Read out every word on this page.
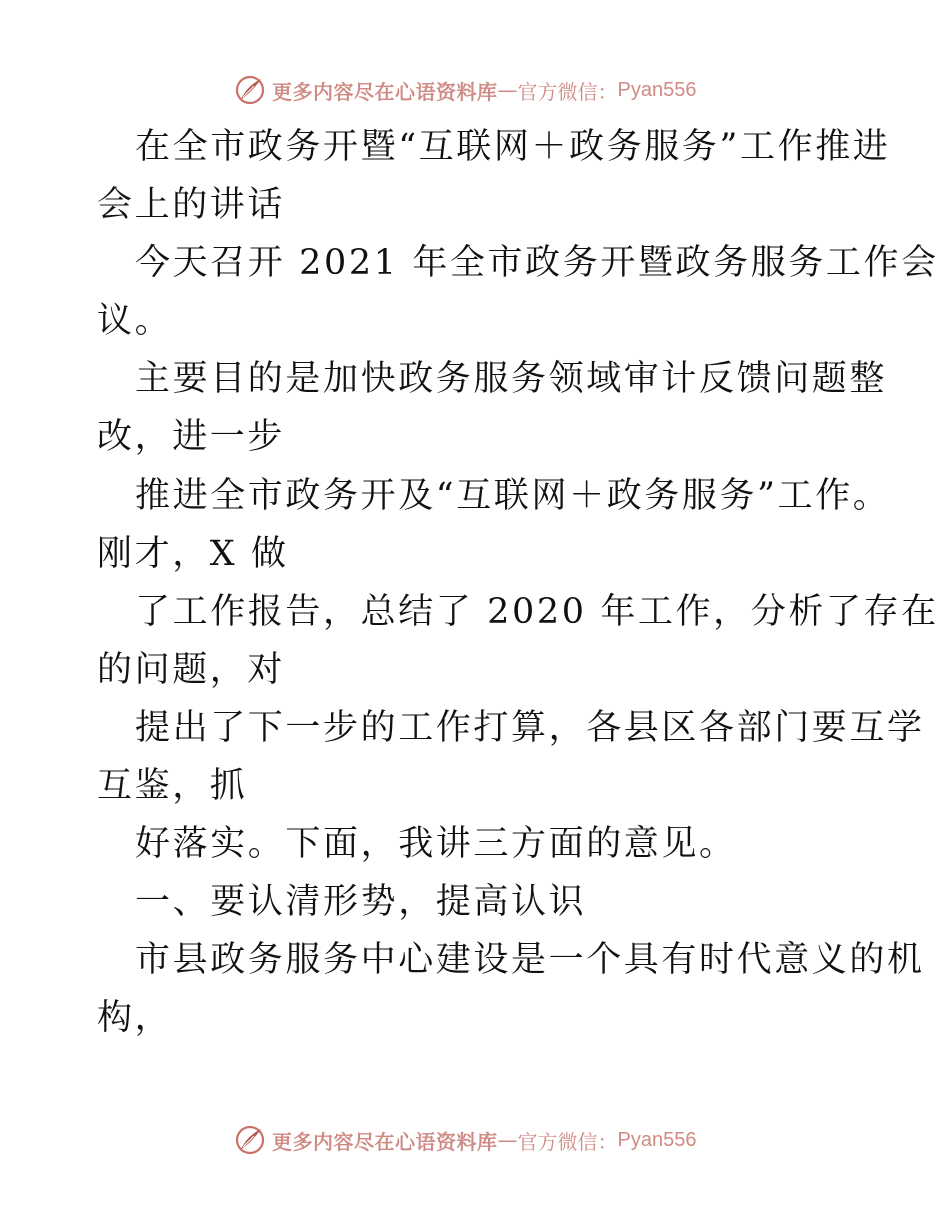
更多内容尽在心语资料库 — 官方微信： Pyan556
在全市政务开暨“互联网＋政务服务”工作推进
会上的讲话
今天召开 2021 年全市政务开暨政务服务工作会
议。
主要目的是加快政务服务领域审计反馈问题整
改，进一步
推进全市政务开及“互联网＋政务服务”工作。
刚才，X 做
了工作报告，总结了 2020 年工作，分析了存在
的问题，对
提出了下一步的工作打算，各县区各部门要互学
互鉴，抓
好落实。下面，我讲三方面的意见。
一、要认清形势，提高认识
市县政务服务中心建设是一个具有时代意义的机
构，
更多内容尽在心语资料库 — 官方微信： Pyan556
